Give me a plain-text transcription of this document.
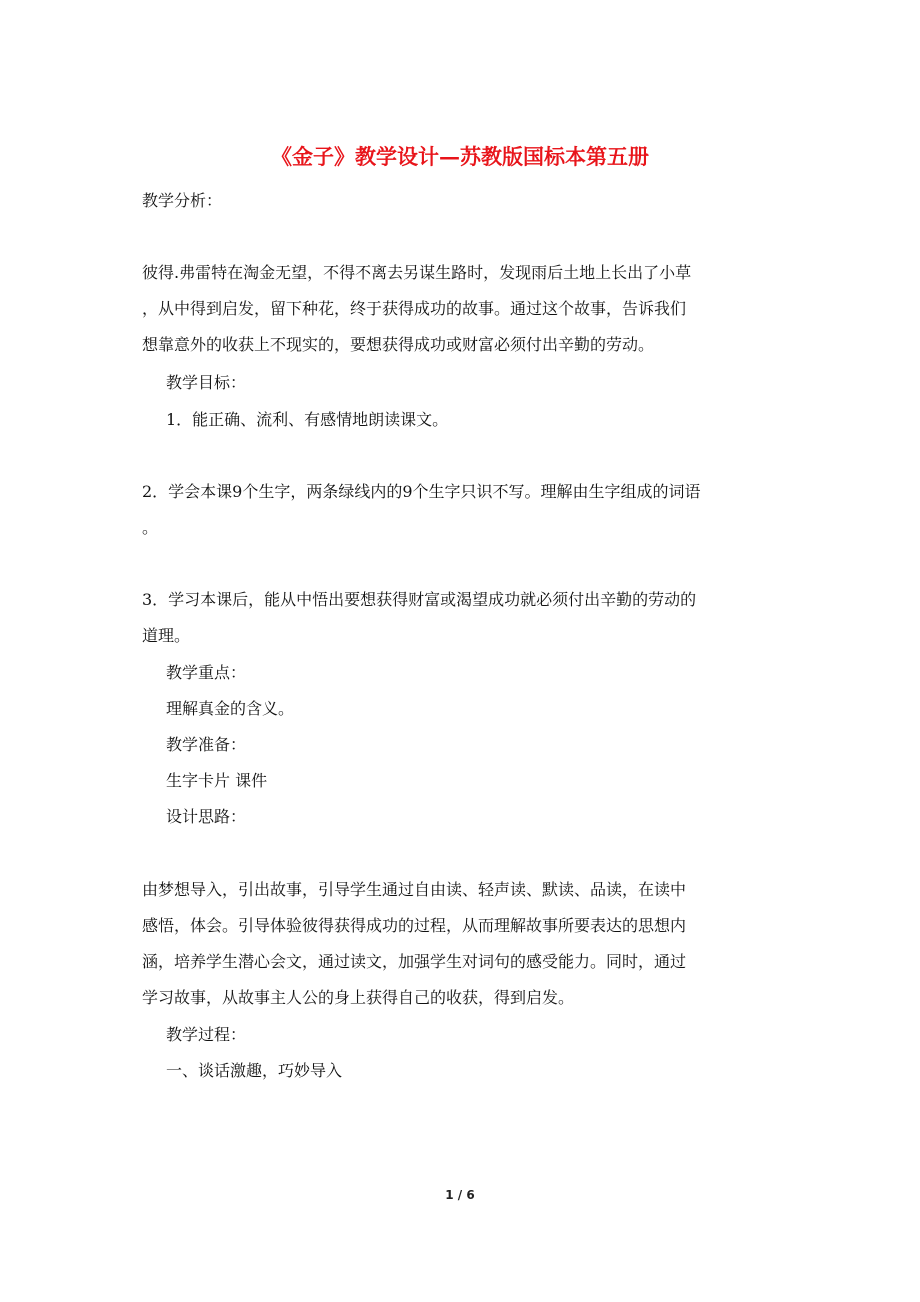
《金子》教学设计—苏教版国标本第五册
教学分析：
彼得.弗雷特在淘金无望，不得不离去另谋生路时，发现雨后土地上长出了小草
，从中得到启发，留下种花，终于获得成功的故事。通过这个故事，告诉我们
想靠意外的收获上不现实的，要想获得成功或财富必须付出辛勤的劳动。
教学目标：
1．能正确、流利、有感情地朗读课文。
2．学会本课9个生字，两条绿线内的9个生字只识不写。理解由生字组成的词语
。
3．学习本课后，能从中悟出要想获得财富或渴望成功就必须付出辛勤的劳动的
道理。
教学重点：
理解真金的含义。
教学准备：
生字卡片 课件
设计思路：
由梦想导入，引出故事，引导学生通过自由读、轻声读、默读、品读，在读中
感悟，体会。引导体验彼得获得成功的过程，从而理解故事所要表达的思想内
涵，培养学生潜心会文，通过读文，加强学生对词句的感受能力。同时，通过
学习故事，从故事主人公的身上获得自己的收获，得到启发。
教学过程：
一、谈话激趣，巧妙导入
1 / 6
